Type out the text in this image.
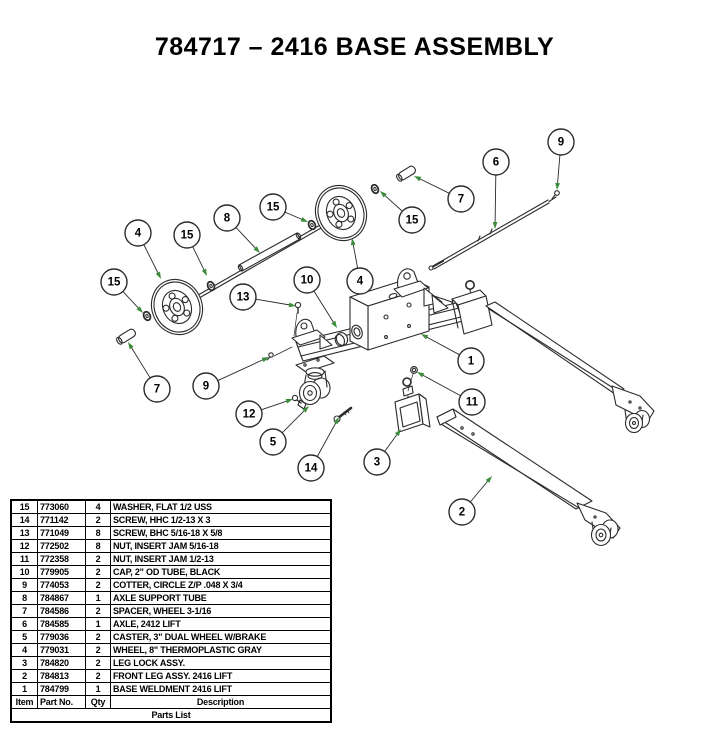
784717 – 2416 BASE ASSEMBLY
4
15
15
8
15
13
10	4
7
15
6
9
1
11
2
3
14
5
12
9
7
15	773060	4	WASHER, FLAT 1/2 USS
14	771142	2	SCREW, HHC 1/2-13 X 3
13	771049	8	SCREW, BHC 5/16-18 X 5/8
12	772502	8	NUT, INSERT JAM 5/16-18
11	772358	2	NUT, INSERT JAM 1/2-13
10	779905	2	CAP, 2" OD TUBE, BLACK
9	774053	2	COTTER, CIRCLE Z/P .048 X 3/4
8	784867	1	AXLE SUPPORT TUBE
7	784586	2	SPACER, WHEEL 3-1/16
6	784585	1	AXLE, 2412 LIFT
5	779036	2	CASTER, 3" DUAL WHEEL W/BRAKE
4	779031	2	WHEEL, 8" THERMOPLASTIC GRAY
3	784820	2	LEG LOCK ASSY.
2	784813	2	FRONT LEG ASSY. 2416 LIFT
1	784799	1	BASE WELDMENT 2416 LIFT
Item	Part No.	Qty	Description
Parts List			
